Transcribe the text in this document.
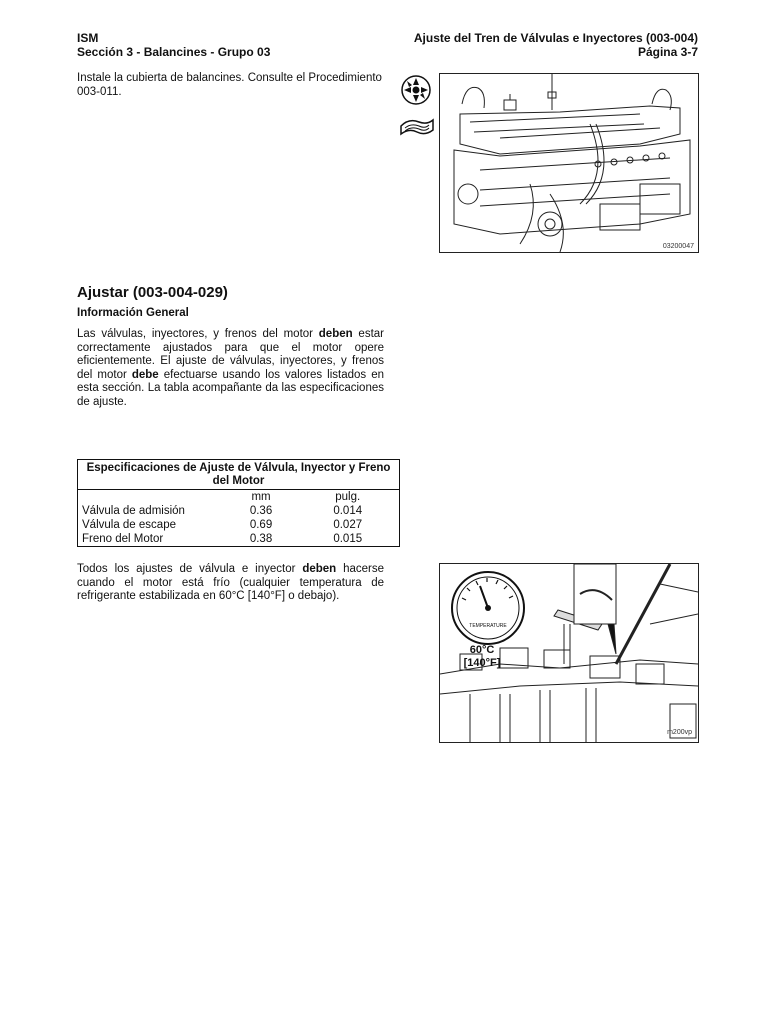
ISM
Sección 3 - Balancines - Grupo 03
Ajuste del Tren de Válvulas e Inyectores (003-004)
Página 3-7
Instale la cubierta de balancines. Consulte el Procedimiento 003-011.
03200047
Ajustar (003-004-029)
Información General
Las válvulas, inyectores, y frenos del motor deben estar correctamente ajustados para que el motor opere eficientemente. El ajuste de válvulas, inyectores, y frenos del motor debe efectuarse usando los valores listados en esta sección. La tabla acompañante da las especificaciones de ajuste.
Especificaciones de Ajuste de Válvula, Inyector y Freno del Motor		
	mm	pulg.
Válvula de admisión	0.36	0.014
Válvula de escape	0.69	0.027
Freno del Motor	0.38	0.015
Todos los ajustes de válvula e inyector deben hacerse cuando el motor está frío (cualquier temperatura de refrigerante estabilizada en 60°C [140°F] o debajo).
TEMPERATURE
60°C
[140°F]
m200vp
